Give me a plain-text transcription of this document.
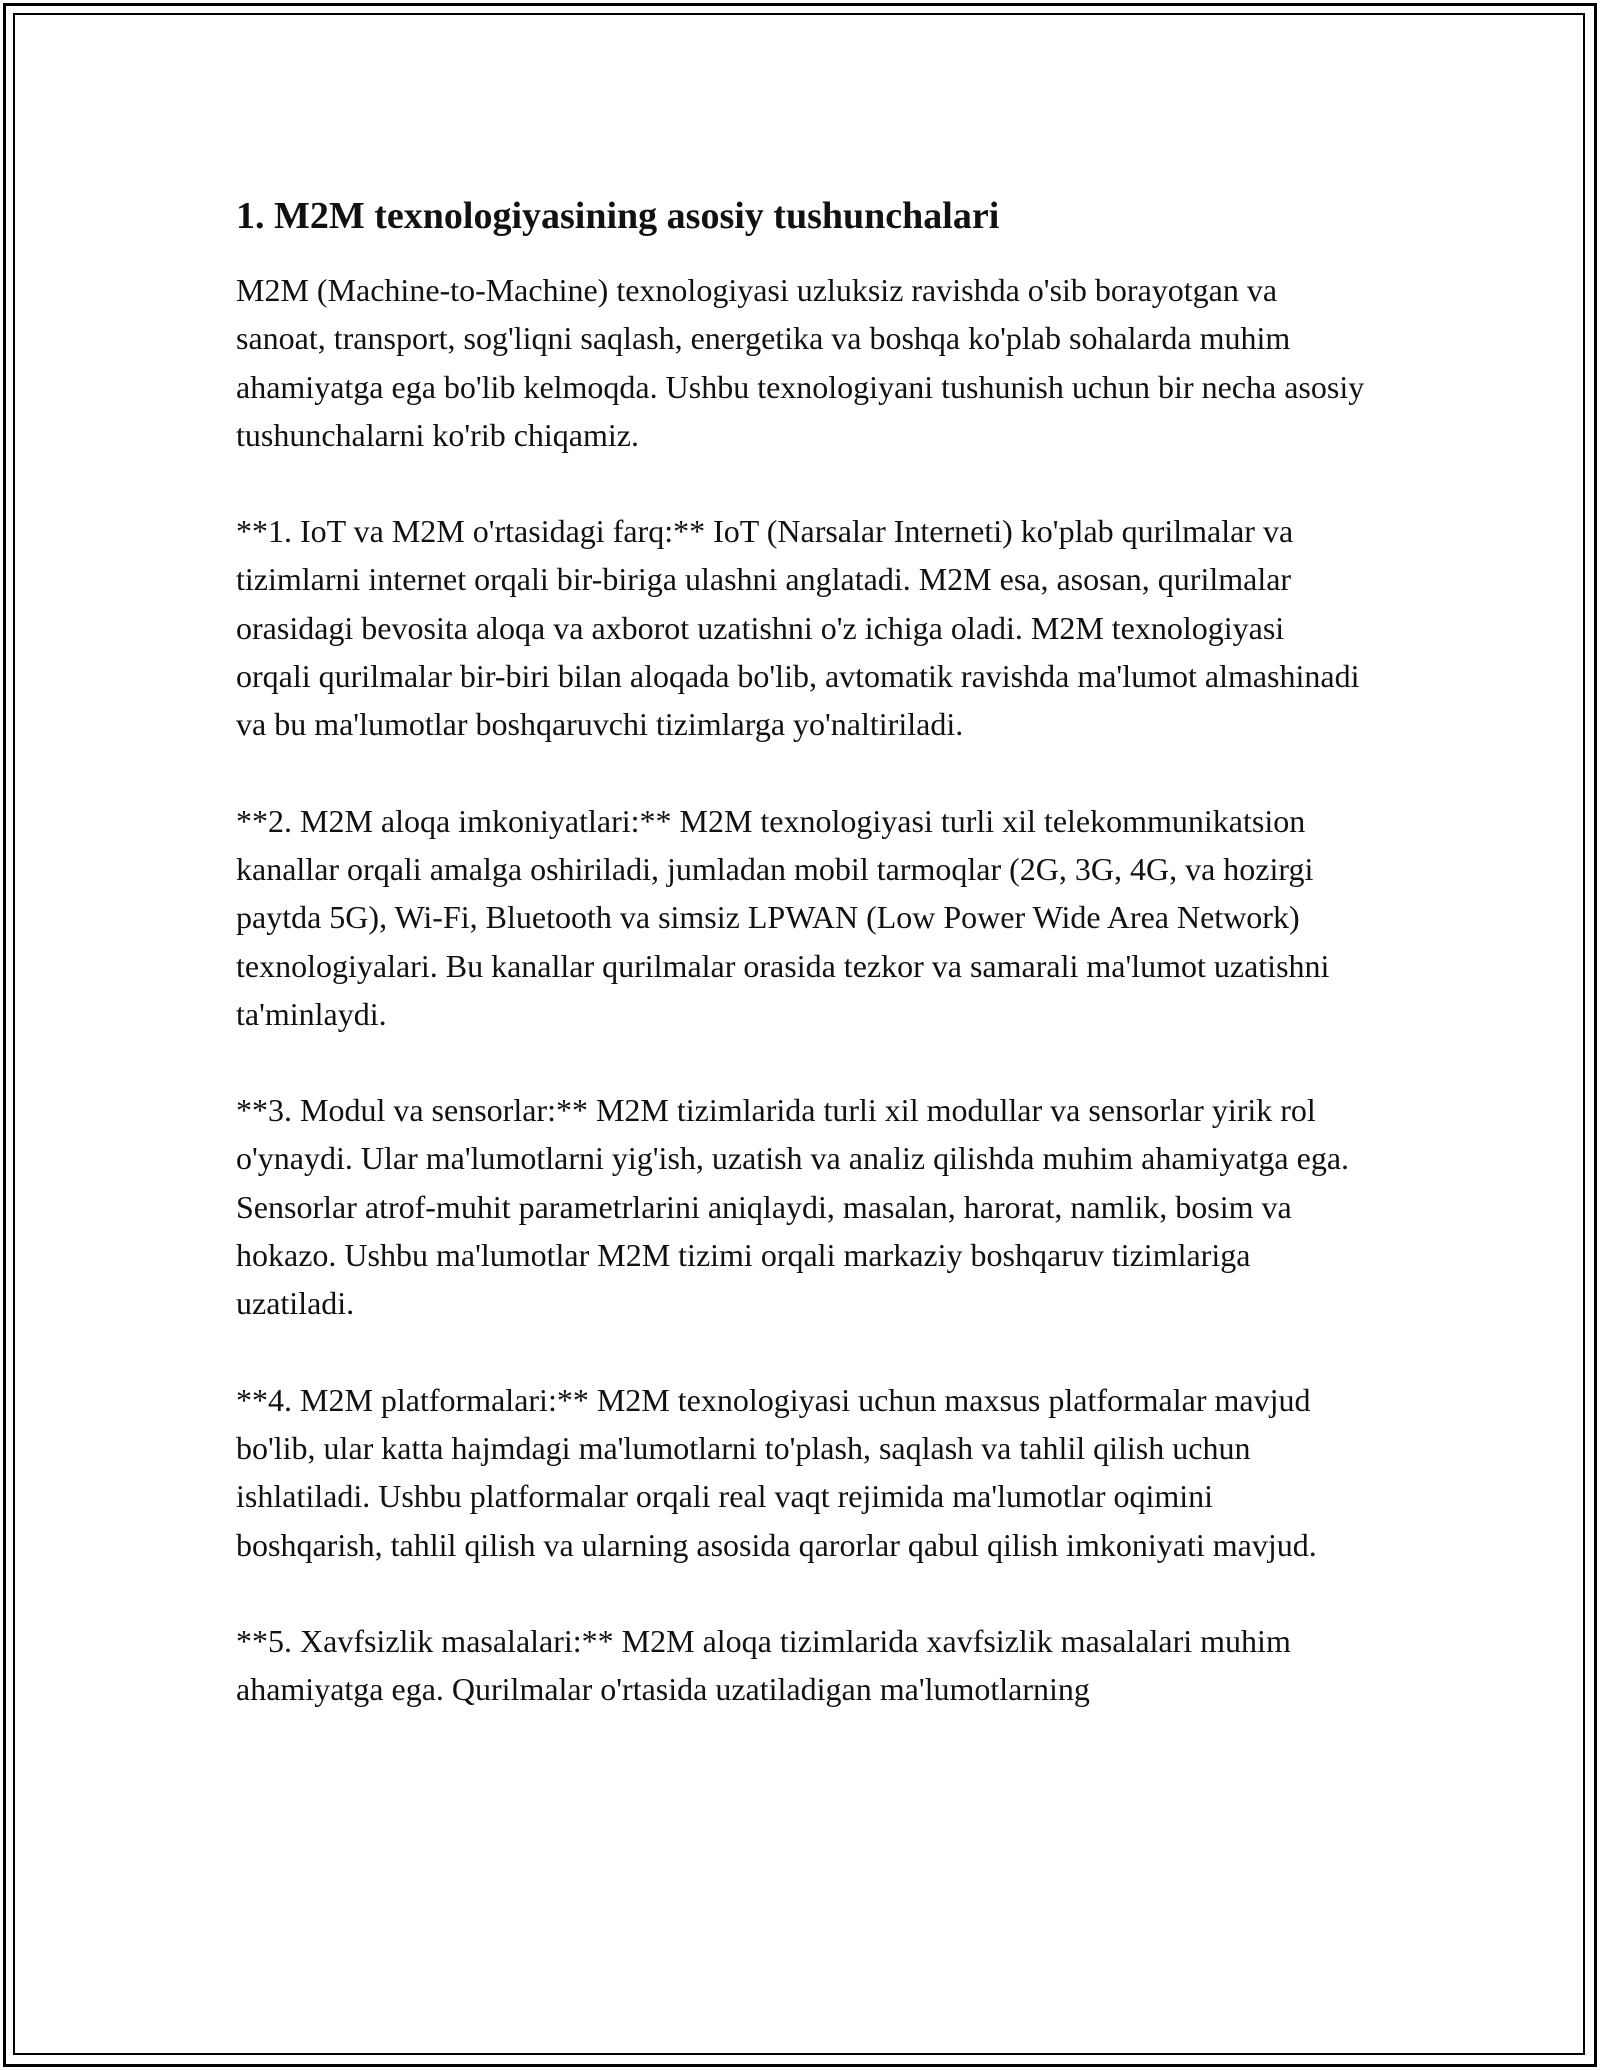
1. M2M texnologiyasining asosiy tushunchalari

M2M (Machine-to-Machine) texnologiyasi uzluksiz ravishda o'sib borayotgan va sanoat, transport, sog'liqni saqlash, energetika va boshqa ko'plab sohalarda muhim ahamiyatga ega bo'lib kelmoqda. Ushbu texnologiyani tushunish uchun bir necha asosiy tushunchalarni ko'rib chiqamiz.

**1. IoT va M2M o'rtasidagi farq:** IoT (Narsalar Interneti) ko'plab qurilmalar va tizimlarni internet orqali bir-biriga ulashni anglatadi. M2M esa, asosan, qurilmalar orasidagi bevosita aloqa va axborot uzatishni o'z ichiga oladi. M2M texnologiyasi orqali qurilmalar bir-biri bilan aloqada bo'lib, avtomatik ravishda ma'lumot almashinadi va bu ma'lumotlar boshqaruvchi tizimlarga yo'naltiriladi.

**2. M2M aloqa imkoniyatlari:** M2M texnologiyasi turli xil telekommunikatsion kanallar orqali amalga oshiriladi, jumladan mobil tarmoqlar (2G, 3G, 4G, va hozirgi paytda 5G), Wi-Fi, Bluetooth va simsiz LPWAN (Low Power Wide Area Network) texnologiyalari. Bu kanallar qurilmalar orasida tezkor va samarali ma'lumot uzatishni ta'minlaydi.

**3. Modul va sensorlar:** M2M tizimlarida turli xil modullar va sensorlar yirik rol o'ynaydi. Ular ma'lumotlarni yig'ish, uzatish va analiz qilishda muhim ahamiyatga ega. Sensorlar atrof-muhit parametrlarini aniqlaydi, masalan, harorat, namlik, bosim va hokazo. Ushbu ma'lumotlar M2M tizimi orqali markaziy boshqaruv tizimlariga uzatiladi.

**4. M2M platformalari:** M2M texnologiyasi uchun maxsus platformalar mavjud bo'lib, ular katta hajmdagi ma'lumotlarni to'plash, saqlash va tahlil qilish uchun ishlatiladi. Ushbu platformalar orqali real vaqt rejimida ma'lumotlar oqimini boshqarish, tahlil qilish va ularning asosida qarorlar qabul qilish imkoniyati mavjud.

**5. Xavfsizlik masalalari:** M2M aloqa tizimlarida xavfsizlik masalalari muhim ahamiyatga ega. Qurilmalar o'rtasida uzatiladigan ma'lumotlarning
